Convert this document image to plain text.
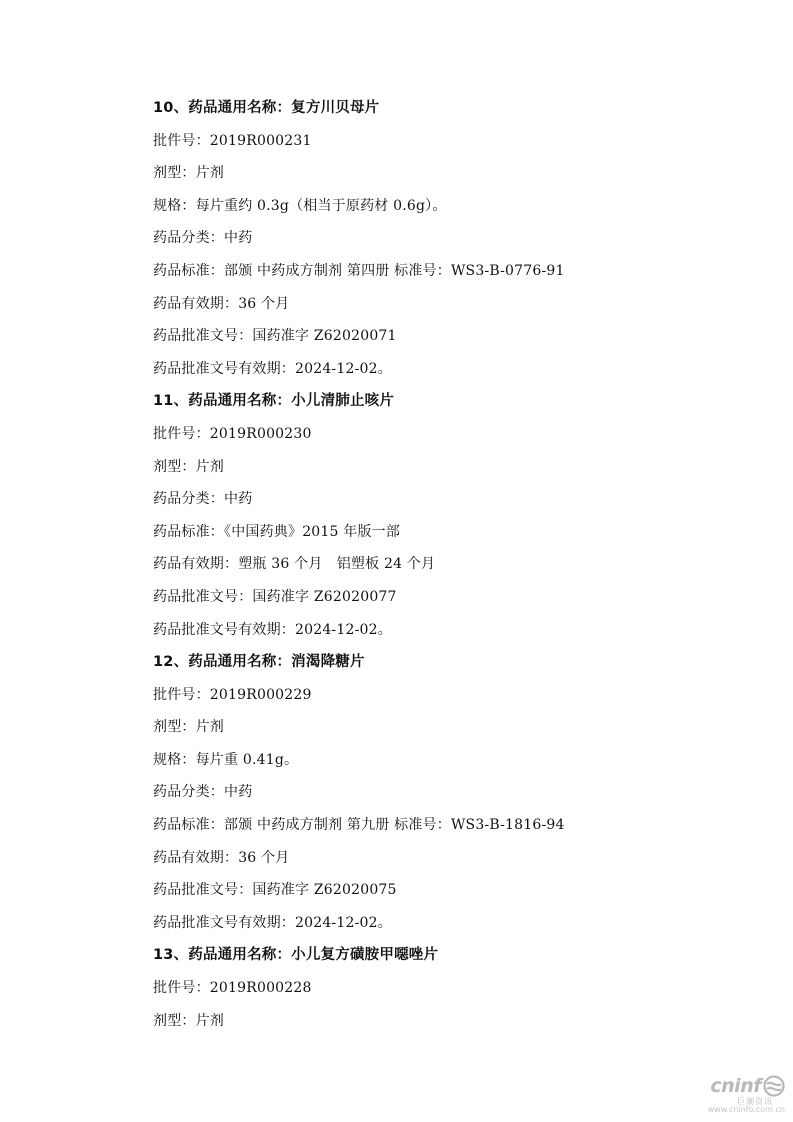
10、药品通用名称：复方川贝母片
批件号：2019R000231
剂型：片剂
规格：每片重约 0.3g（相当于原药材 0.6g）。
药品分类：中药
药品标准：部颁 中药成方制剂 第四册 标准号：WS3-B-0776-91
药品有效期：36 个月
药品批准文号：国药准字 Z62020071
药品批准文号有效期：2024-12-02。
11、药品通用名称：小儿清肺止咳片
批件号：2019R000230
剂型：片剂
药品分类：中药
药品标准：《中国药典》2015 年版一部
药品有效期：塑瓶 36 个月　铝塑板 24 个月
药品批准文号：国药准字 Z62020077
药品批准文号有效期：2024-12-02。
12、药品通用名称：消渴降糖片
批件号：2019R000229
剂型：片剂
规格：每片重 0.41g。
药品分类：中药
药品标准：部颁 中药成方制剂 第九册 标准号：WS3-B-1816-94
药品有效期：36 个月
药品批准文号：国药准字 Z62020075
药品批准文号有效期：2024-12-02。
13、药品通用名称：小儿复方磺胺甲噁唑片
批件号：2019R000228
剂型：片剂
cninf
巨潮资讯
www.cninfo.com.cn
